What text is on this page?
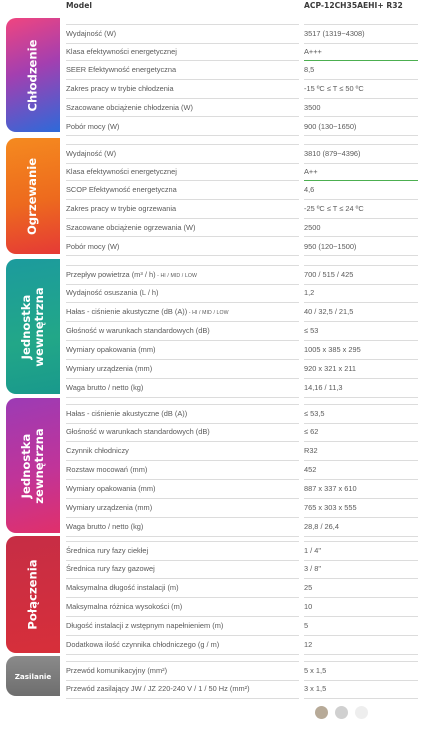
Model	ACP-12CH35AEHI+ R32
Chłodzenie
Wydajność (W)	3517 (1319~4308)
Klasa efektywności energetycznej	A+++
SEER Efektywność energetyczna	8,5
Zakres pracy w trybie chłodzenia	-15 ºC ≤ T ≤ 50 ºC
Szacowane obciążenie chłodzenia (W)	3500
Pobór mocy (W)	900 (130~1650)
Ogrzewanie
Wydajność (W)	3810 (879~4396)
Klasa efektywności energetycznej	A++
SCOP Efektywność energetyczna	4,6
Zakres pracy w trybie ogrzewania	-25 ºC ≤ T ≤ 24 ºC
Szacowane obciążenie ogrzewania (W)	2500
Pobór mocy (W)	950 (120~1500)
Jednostka
wewnętrzna
Przepływ powietrza (m³ / h) - HI / MID / LOW	700 / 515 / 425
Wydajność osuszania (L / h)	1,2
Hałas - ciśnienie akustyczne (dB (A)) - HI / MID / LOW	40 / 32,5 / 21,5
Głośność w warunkach standardowych (dB)	≤ 53
Wymiary opakowania (mm)	1005 x 385 x 295
Wymiary urządzenia (mm)	920 x 321 x 211
Waga brutto / netto (kg)	14,16 / 11,3
Jednostka
zewnętrzna
Hałas - ciśnienie akustyczne (dB (A))	≤ 53,5
Głośność w warunkach standardowych (dB)	≤ 62
Czynnik chłodniczy	R32
Rozstaw mocowań (mm)	452
Wymiary opakowania (mm)	887 x 337 x 610
Wymiary urządzenia (mm)	765 x 303 x 555
Waga brutto / netto (kg)	28,8 / 26,4
Połączenia
Średnica rury fazy ciekłej	1 / 4"
Średnica rury fazy gazowej	3 / 8"
Maksymalna długość instalacji (m)	25
Maksymalna różnica wysokości (m)	10
Długość instalacji z wstępnym napełnieniem (m)	5
Dodatkowa ilość czynnika chłodniczego (g / m)	12
Zasilanie
Przewód komunikacyjny (mm²)	5 x 1,5
Przewód zasilający JW / JZ 220-240 V / 1 / 50 Hz (mm²)	3 x 1,5
